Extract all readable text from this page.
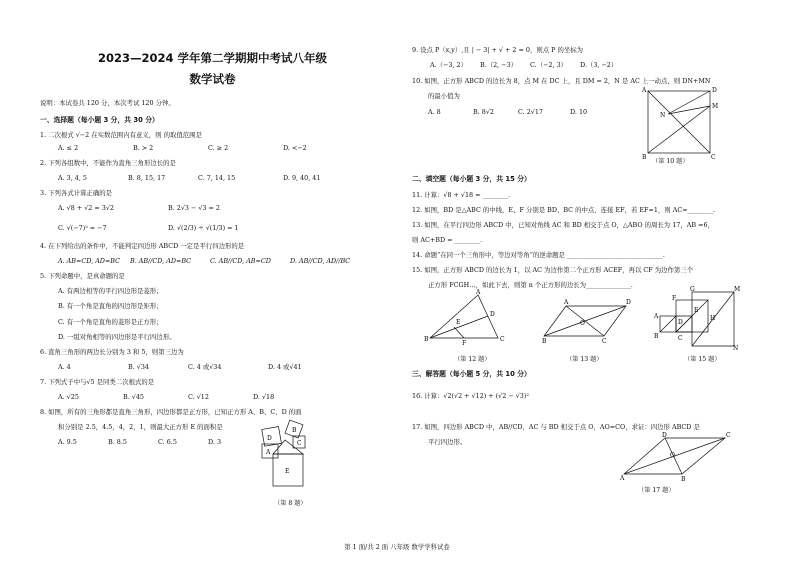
2023—2024 学年第二学期期中考试八年级
数学试卷
说明：本试卷共 120 分，本次考试 120 分钟。
一、选择题（每小题 3 分，共 30 分）
1. 二次根式 √−2 在实数范围内有意义，则 的取值范围是
A. ≤ 2	B. > 2	C. ≥ 2	D. <−2
2. 下列各组数中，不能作为直角三角形边长的是
A. 3, 4, 5	B. 8, 15, 17	C. 7, 14, 15	D. 9, 40, 41
3. 下列各式计算正确的是
A. √8 + √2 = 3√2	B. 2√3 − √3 = 2
C. √(−7)² = −7	D. √(2/3) ÷ √(1/3) = 1
4. 在下列给出的条件中，不能判定四边形 ABCD 一定是平行四边形的是
A. AB=CD, AD=BC B. AB//CD, AD=BC	C. AB//CD, AB=CD	D. AB//CD, AD//BC
5. 下列命题中，是真命题的是
A. 有两边相等的平行四边形是菱形；
B. 有一个角是直角的四边形是矩形；
C. 有一个角是直角的菱形是正方形；
D. 一组对角相等的四边形是平行四边形。
6. 直角三角形的两边长分别为 3 和 5，则第三边为
A. 4	B. √34	C. 4 或√34	D. 4 或√41
7. 下列式子中与√5 是同类二次根式的是
A. √25	B. √45	C. √12	D. √18
8. 如图，所有的三角形都是直角三角形，四边形都是正方形，已知正方形 A、B、C、D 的面
积分别是 2.5，4.5，4，2，1，则最大正方形 E 的面积是
A. 9.5	B. 8.5	C. 6.5	D. 3	D
A
B
C
E
（第 8 题）
9. 设点 P（x,y）,且 | − 3| + √ + 2 = 0，则点 P 的坐标为
A.（−3, 2） B.（2, −3） C.（−2, 3） D.（3, −2）
10. 如图，正方形 ABCD 的边长为 8，点 M 在 DC 上，且 DM = 2，N 是 AC 上一动点，则 DN+MN
的最小值为
A. 8	B. 8√2	C. 2√17	D. 10
A	D
M
N
B	C
（第 10 题）
二、填空题（每小题 3 分，共 15 分）
11. 计算：√8 + √18 = ________.
12. 如图，BD 是△ABC 的中线，E、F 分别是 BD、BC 的中点，连接 EF，若 EF=1，则 AC=________.
13. 如图，在平行四边形 ABCD 中，已知对角线 AC 和 BD 相交于点 O，△ABO 的周长为 17，AB =6，
则 AC+BD = ________.
14. 命题“在同一个三角形中，等边对等角”的逆命题是 ______________________________.
15. 如图，正方形 ABCD 的边长为 1，以 AC 为边作第二个正方形 ACEF，再以 CF 为边作第三个
正方形 FCGH…，如此下去，则第 n 个正方形的边长为______________.
A
D
E
B
F
C
（第 12 题）
A	D
O
B	C
（第 13 题）
G	M
F
E
H
A
D
B	C
N
（第 15 题）
三、解答题（每小题 5 分，共 10 分）
16. 计算：√2(√2 + √12) + (√2 − √3)²
17. 如图，四边形 ABCD 中，AB//CD，AC 与 BD 相交于点 O，AO=CO，求证：四边形 ABCD 是
平行四边形。
D	C
O
A	B
（第 17 题）
第 1 面/共 2 面 八年级 数学学科试卷
